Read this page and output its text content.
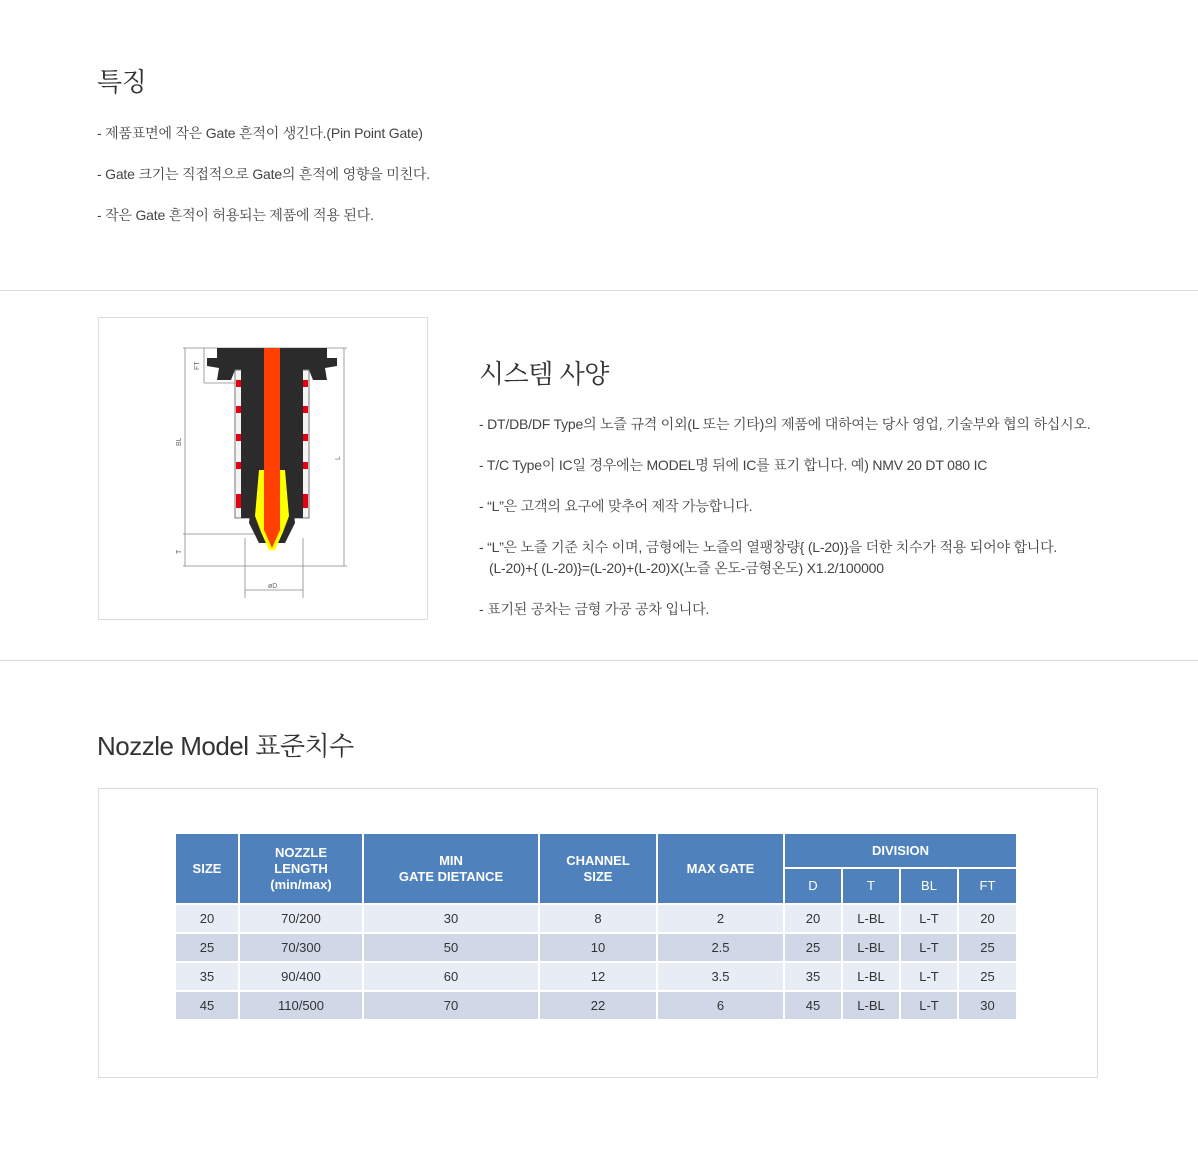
특징
- 제품표면에 작은 Gate 흔적이 생긴다.(Pin Point Gate)
- Gate 크기는 직접적으로 Gate의 흔적에 영향을 미친다.
- 작은 Gate 흔적이 허용되는 제품에 적용 된다.
FT
BL
L
T
øD
시스템 사양
- DT/DB/DF Type의 노즐 규격 이외(L 또는 기타)의 제품에 대하여는 당사 영업, 기술부와 협의 하십시오.
- T/C Type이 IC일 경우에는 MODEL명 뒤에 IC를 표기 합니다. 예) NMV 20 DT 080 IC
- “L”은 고객의 요구에 맞추어 제작 가능합니다.
- “L”은 노즐 기준 치수 이며, 금형에는 노즐의 열팽창량{ (L-20)}을 더한 치수가 적용 되어야 합니다.
(L-20)+{ (L-20)}=(L-20)+(L-20)X(노즐 온도-금형온도) X1.2/100000
- 표기된 공차는 금형 가공 공차 입니다.
Nozzle Model 표준치수
SIZE	NOZZLE
LENGTH
(min/max)	MIN
GATE DIETANCE	CHANNEL
SIZE	MAX GATE	DIVISION			
					D	T	BL	FT
20	70/200	30	8	2	20	L-BL	L-T	20
25	70/300	50	10	2.5	25	L-BL	L-T	25
35	90/400	60	12	3.5	35	L-BL	L-T	25
45	110/500	70	22	6	45	L-BL	L-T	30
